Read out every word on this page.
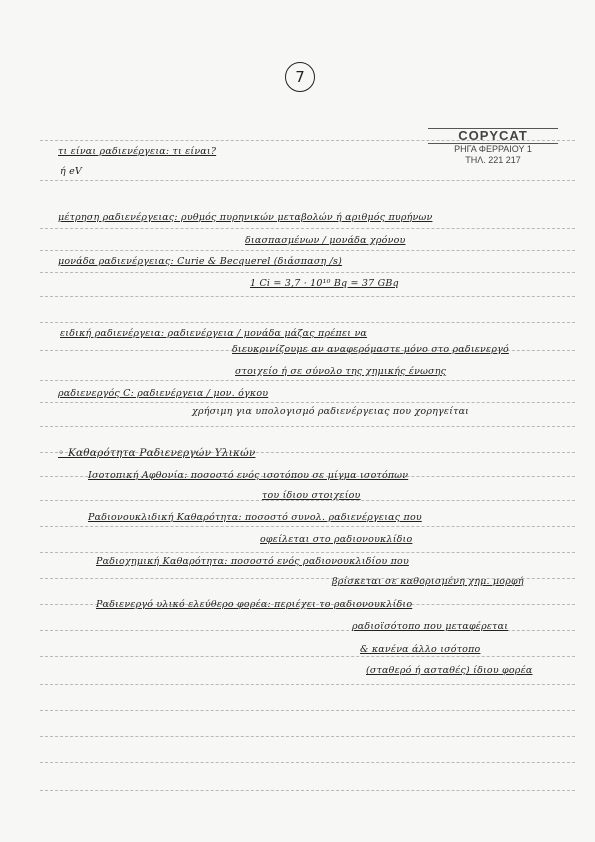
7
COPYCAT
ΡΗΓΑ ΦΕΡΡΑΙΟΥ 1
ΤΗΛ. 221 217
τι είναι ραδιενέργεια: τι είναι?
ή eV
μέτρηση ραδιενέργειας: ρυθμός πυρηνικών μεταβολών ή αριθμός πυρήνων
διασπασμένων / μονάδα χρόνου
μονάδα ραδιενέργειας: Curie & Becquerel (διάσπαση /s)
1 Ci = 3,7 · 10¹⁰ Bq = 37 GBq
ειδική ραδιενέργεια: ραδιενέργεια / μονάδα μάζας πρέπει να
διευκρινίζουμε αν αναφερόμαστε μόνο στο ραδιενεργό
στοιχείο ή σε σύνολο της χημικής ένωσης
ραδιενεργός C: ραδιενέργεια / μον. όγκου
χρήσιμη για υπολογισμό ραδιενέργειας που χορηγείται
◦ Καθαρότητα Ραδιενεργών Υλικών
Ισοτοπική Αφθονία: ποσοστό ενός ισοτόπου σε μίγμα ισοτόπων
του ίδιου στοιχείου
Ραδιονουκλιδική Καθαρότητα: ποσοστό συνολ. ραδιενέργειας που
οφείλεται στο ραδιονουκλίδιο
Ραδιοχημική Καθαρότητα: ποσοστό ενός ραδιονουκλιδίου που
βρίσκεται σε καθορισμένη χημ. μορφή
Ραδιενεργό υλικό ελεύθερο φορέα: περιέχει το ραδιονουκλίδιο
ραδιοϊσότοπο που μεταφέρεται
& κανένα άλλο ισότοπο
(σταθερό ή ασταθές) ίδιου φορέα
